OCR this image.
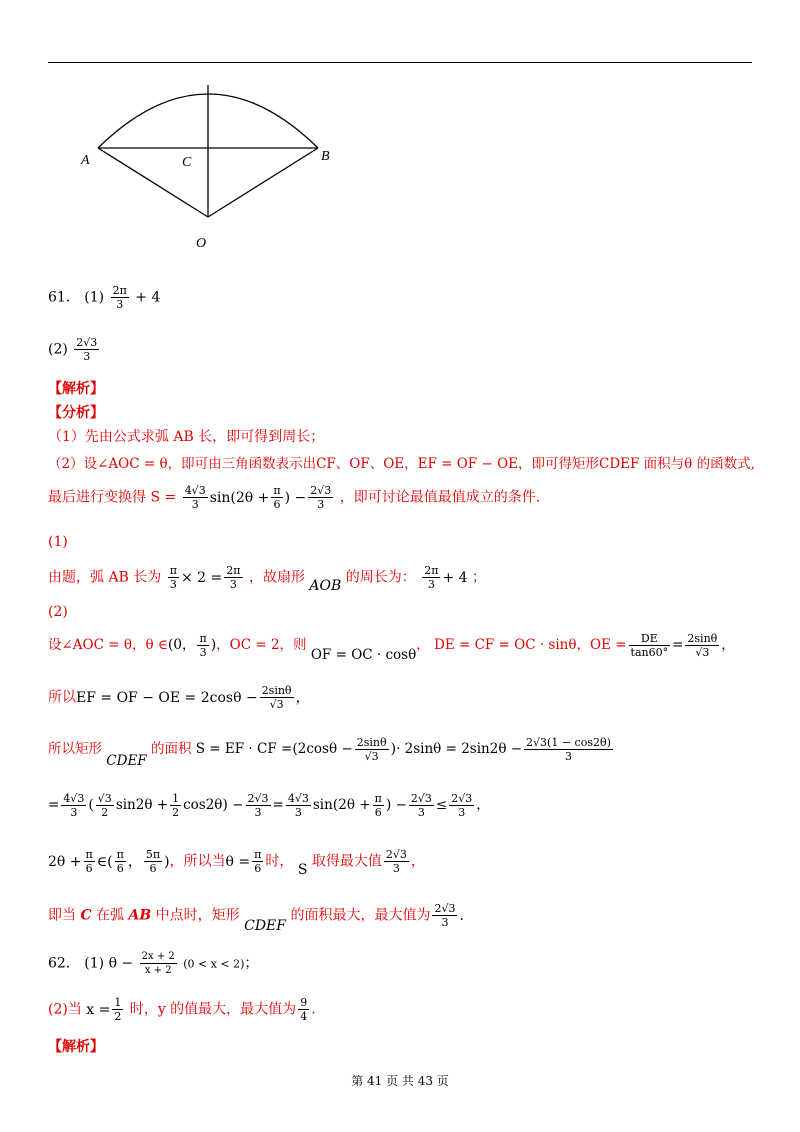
A	C	B
O
61． $(1) \frac{2\pi}{3} + 4$
$(2) \frac{2√3}{3}$
【解析】
【分析】
（1）先由公式求弧 AB 长，即可得到周长；
（2）设∠AOC = θ，即可由三角函数表示出CF、OF、OE，EF = OF − OE，即可得矩形CDEF 面积与θ 的函数式,
最后进行变换得 $S = \frac{4√3}{3} \sin(2\theta + \frac{\pi}{6}$ ) − $\frac{2√3}{3}$ ，即可讨论最值最值成立的条件.
(1)
由题，弧 AB 长为 $\frac{\pi}{3} \times 2 = \frac{2\pi}{3}$ ，故扇形 AOB 的周长为： $\frac{2\pi}{3} + 4$ ；
(2)
设∠AOC = θ，θ ∈(0， $\frac{\pi}{3}$ )，OC = 2，则 OF = OC · cosθ， DE = CF = OC · sinθ，OE = $\frac{DE}{\tan 60^\circ} = \frac{2\sin\theta}{√3}$ ，
所以EF = OF − OE = $2\cos\theta - \frac{2\sin\theta}{√3}$ ，
所以矩形 CDEF 的面积 S = EF · CF $=(2\cos\theta - \frac{2\sin\theta}{√3}$ )· $2\sin\theta = 2\sin 2\theta - \frac{2√3(1 - \cos 2\theta)}{3}$
= $\frac{4√3}{3}$ ( $\frac{√3}{2} \sin 2\theta + \frac{1}{2} \cos 2\theta) - \frac{2√3}{3} = \frac{4√3}{3} \sin(2\theta + \frac{\pi}{6}$ ) − $\frac{2√3}{3} \le \frac{2√3}{3}$ ，
$2\theta + \frac{\pi}{6}$ ∈( $\frac{\pi}{6}$ ， $\frac{5\pi}{6}$ )，所以当$\theta = \frac{\pi}{6}$ 时， S 取得最大值 $\frac{2√3}{3}$ ，
即当 C 在弧 AB 中点时，矩形 CDEF 的面积最大，最大值为 $\frac{2√3}{3}$ .
62． (1) $\theta - \frac{2x + 2}{x + 2} (0 < x < 2)$；
(2)当 $x = \frac{1}{2}$ 时，y 的值最大，最大值为 $\frac{9}{4}$ .
【解析】
第 41 页 共 43 页
